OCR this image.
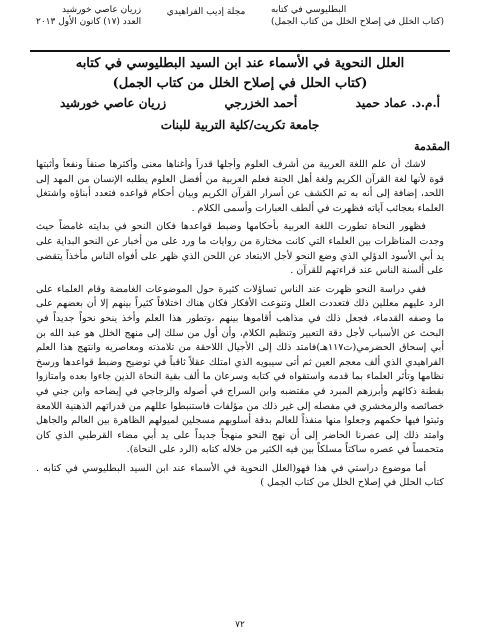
زريان عاصي خورشيد
العدد (١٧) كانون الأول ٢٠١٣
مجلة إديب الفراهيدي	البطليوسي في كتابه
(كتاب الخلل في إصلاح الخلل من كتاب الجمل)
العلل النحوية في الأسماء عند ابن السيد البطليوسي في كتابه
(كتاب الحلل في إصلاح الخلل من كتاب الجمل)
أ.م.د. عماد حميد
أحمد الخزرجي
زريان عاصي خورشيد
جامعة تكريت/كلية التربية للبنات
المقدمة

لاشك أن علم اللغة العربية من أشرف العلوم وأجلها قدراً وأغناها معنى وأكثرها صنفاً ونفعاً وأثبتها قوة لأنها لغة القرآن الكريم ولغة أهل الجنة فعلم العربية من أفضل العلوم يطلبه الإنسان من المهد إلى اللحد، إضافة إلى أنه به تم الكشف عن أسرار القرآن الكريم وبيان أحكام قواعده فتعدد أبناؤه واشتغل العلماء بعجائب آياته فظهرت في ألطف العبارات وأسمى الكلام .

فظهور النحاة تطورت اللغة العربية بأحكامها وضبط قواعدها فكان النحو في بدايته غامضاً حيث وجدت المناظرات بين العلماء التي كانت مختارة من روايات ما ورد على من أخبار عن النحو البداية على يد أبي الأسود الدؤلي الذي وضع النحو لأجل الابتعاد عن اللحن الذي ظهر على أفواه الناس مأخذاً يتقضى على ألسنة الناس عند قراءتهم للقرآن .

ففي دراسة النحو ظهرت عند الناس تساؤلات كثيرة حول الموضوعات الغامضة وقام العلماء على الرد عليهم معللين ذلك فتعددت العلل وتنوعت الأفكار فكان هناك اختلافاً كثيراً بينهم إلا أن بعضهم على ما وصفه القدماء، فجعل ذلك في مذاهب أقاموها بينهم ،وتطور هذا العلم وأخذ ينحو نحواً جديداً في البحث عن الأسباب لأجل دقة التعبير وتنظيم الكلام، وأن أول من سلك إلى منهج الخلل هو عبد الله بن أبي إسحاق الحضرمي(ت١١٧هـ)فامتد ذلك إلى الأجيال اللاحقة من تلامذته ومعاصريه وانتهج هذا العلم الفراهيدي الذي ألف معجم العين ثم أتى سيبويه الذي امتلك عقلاً ثاقباً في توضيح وضبط قواعدها ورسخ نظامها وتأثر العلماء بما قدمه واستقواه في كتابه وسرعان ما ألف بقية النحاة الذين جاءوا بعده وامتازوا بقطنة ذكائهم وأبرزهم المبرد في مقتضبه وابن السراج في أصوله والزجاجي في إيضاحه وابن جني في خصائصه والزمخشري في مفصله إلى غير ذلك من مؤلفات فاستنبطوا عللهم من قدراتهم الذهنية اللامعة وثبتوا فيها حكمهم وجعلوا منها منفذاً للعالم بدقة أسلوبهم مسجلين لميولهم الظاهرة بين العالم والجاهل وامتد ذلك إلى عصرنا الحاضر إلى أن نهج النحو منهجاً جديداً على يد أبي مضاء القرطبي الذي كان متحمساً في عصره ساكتاً مسلكاً بين فيه الكثير من خلاله كتابه (الرد على النحاة).

أما موضوع دراستي في هذا فهو(العلل النحوية في الأسماء عند ابن السيد البطليوسي في كتابه . كتاب الحلل في إصلاح الخلل من كتاب الجمل )

٧٢
